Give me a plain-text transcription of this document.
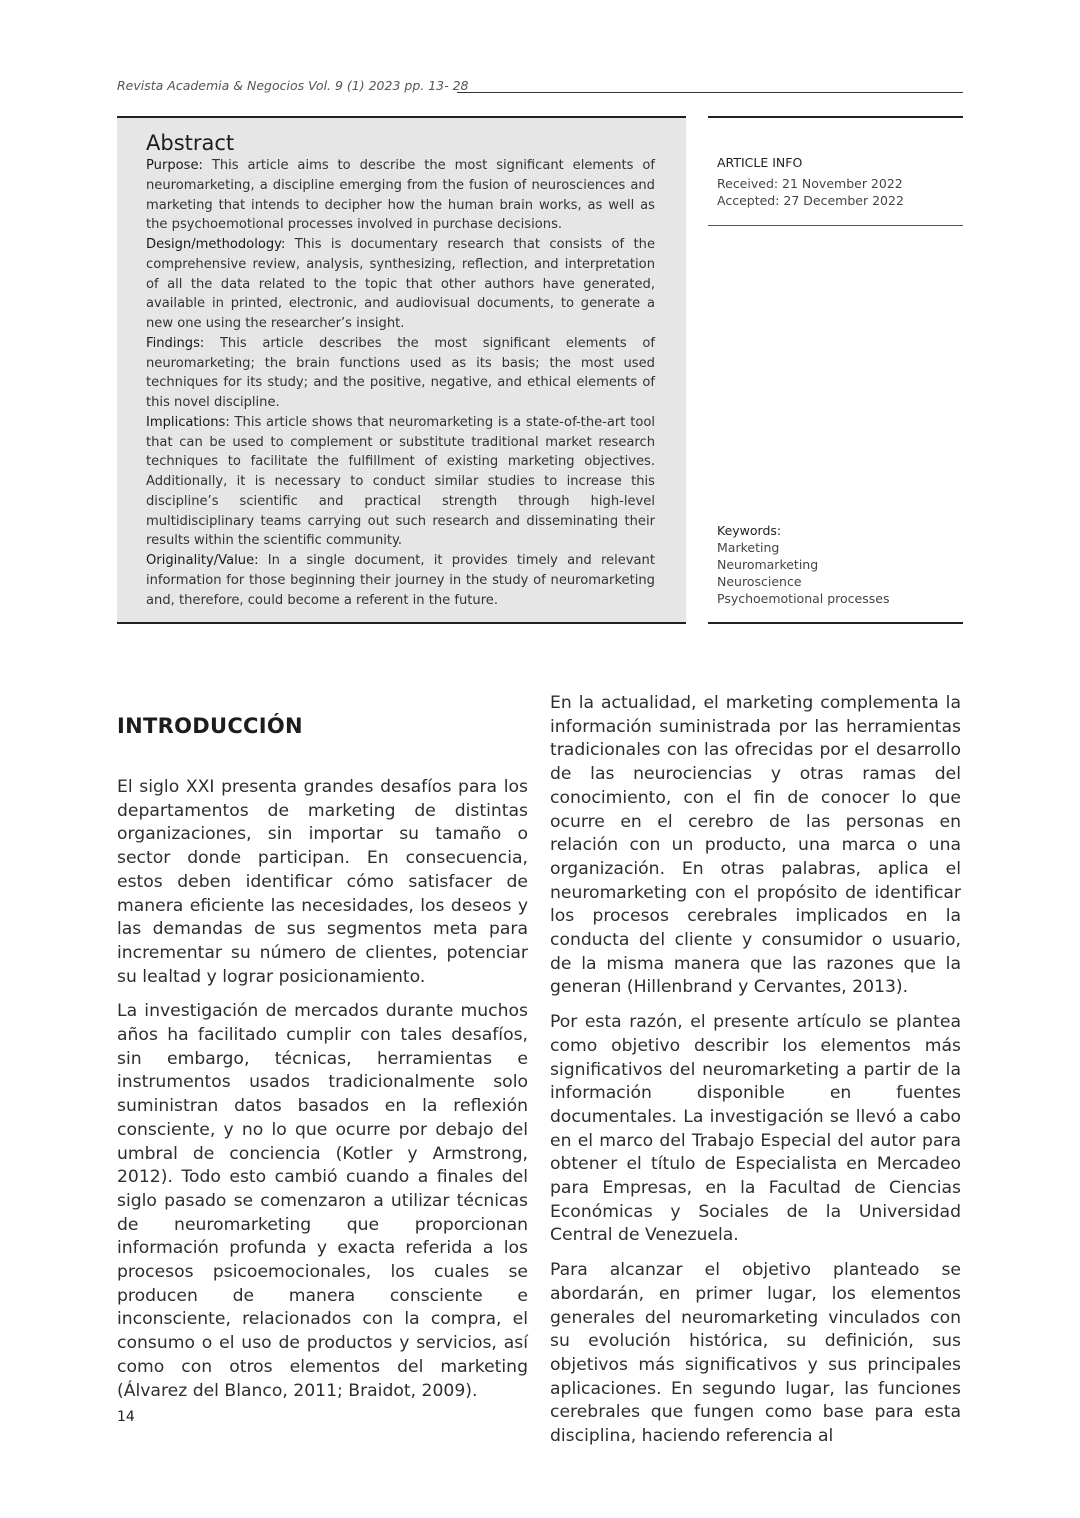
Revista Academia & Negocios Vol. 9 (1) 2023 pp. 13- 28
Abstract

Purpose: This article aims to describe the most significant elements of neuromarketing, a discipline emerging from the fusion of neurosciences and marketing that intends to decipher how the human brain works, as well as the psychoemotional processes involved in purchase decisions.

Design/methodology: This is documentary research that consists of the comprehensive review, analysis, synthesizing, reflection, and interpretation of all the data related to the topic that other authors have generated, available in printed, electronic, and audiovisual documents, to generate a new one using the researcher’s insight.

Findings: This article describes the most significant elements of neuromarketing; the brain functions used as its basis; the most used techniques for its study; and the positive, negative, and ethical elements of this novel discipline.

Implications: This article shows that neuromarketing is a state-of-the-art tool that can be used to complement or substitute traditional market research techniques to facilitate the fulfillment of existing marketing objectives. Additionally, it is necessary to conduct similar studies to increase this discipline’s scientific and practical strength through high-level multidisciplinary teams carrying out such research and disseminating their results within the scientific community.

Originality/Value: In a single document, it provides timely and relevant information for those beginning their journey in the study of neuromarketing and, therefore, could become a referent in the future.

ARTICLE INFO
Received: 21 November 2022
Accepted: 27 December 2022
Keywords:
Marketing
Neuromarketing
Neuroscience
Psychoemotional processes
INTRODUCCIÓN

El siglo XXI presenta grandes desafíos para los departamentos de marketing de distintas organizaciones, sin importar su tamaño o sector donde participan. En consecuencia, estos deben identificar cómo satisfacer de manera eficiente las necesidades, los deseos y las demandas de sus segmentos meta para incrementar su número de clientes, potenciar su lealtad y lograr posicionamiento.

La investigación de mercados durante muchos años ha facilitado cumplir con tales desafíos, sin embargo, técnicas, herramientas e instrumentos usados tradicionalmente solo suministran datos basados en la reflexión consciente, y no lo que ocurre por debajo del umbral de conciencia (Kotler y Armstrong, 2012). Todo esto cambió cuando a finales del siglo pasado se comenzaron a utilizar técnicas de neuromarketing que proporcionan información profunda y exacta referida a los procesos psicoemocionales, los cuales se producen de manera consciente e inconsciente, relacionados con la compra, el consumo o el uso de productos y servicios, así como con otros elementos del marketing (Álvarez del Blanco, 2011; Braidot, 2009).

En la actualidad, el marketing complementa la información suministrada por las herramientas tradicionales con las ofrecidas por el desarrollo de las neurociencias y otras ramas del conocimiento, con el fin de conocer lo que ocurre en el cerebro de las personas en relación con un producto, una marca o una organización. En otras palabras, aplica el neuromarketing con el propósito de identificar los procesos cerebrales implicados en la conducta del cliente y consumidor o usuario, de la misma manera que las razones que la generan (Hillenbrand y Cervantes, 2013).

Por esta razón, el presente artículo se plantea como objetivo describir los elementos más significativos del neuromarketing a partir de la información disponible en fuentes documentales. La investigación se llevó a cabo en el marco del Trabajo Especial del autor para obtener el título de Especialista en Mercadeo para Empresas, en la Facultad de Ciencias Económicas y Sociales de la Universidad Central de Venezuela.

Para alcanzar el objetivo planteado se abordarán, en primer lugar, los elementos generales del neuromarketing vinculados con su evolución histórica, su definición, sus objetivos más significativos y sus principales aplicaciones. En segundo lugar, las funciones cerebrales que fungen como base para esta disciplina, haciendo referencia al

14
